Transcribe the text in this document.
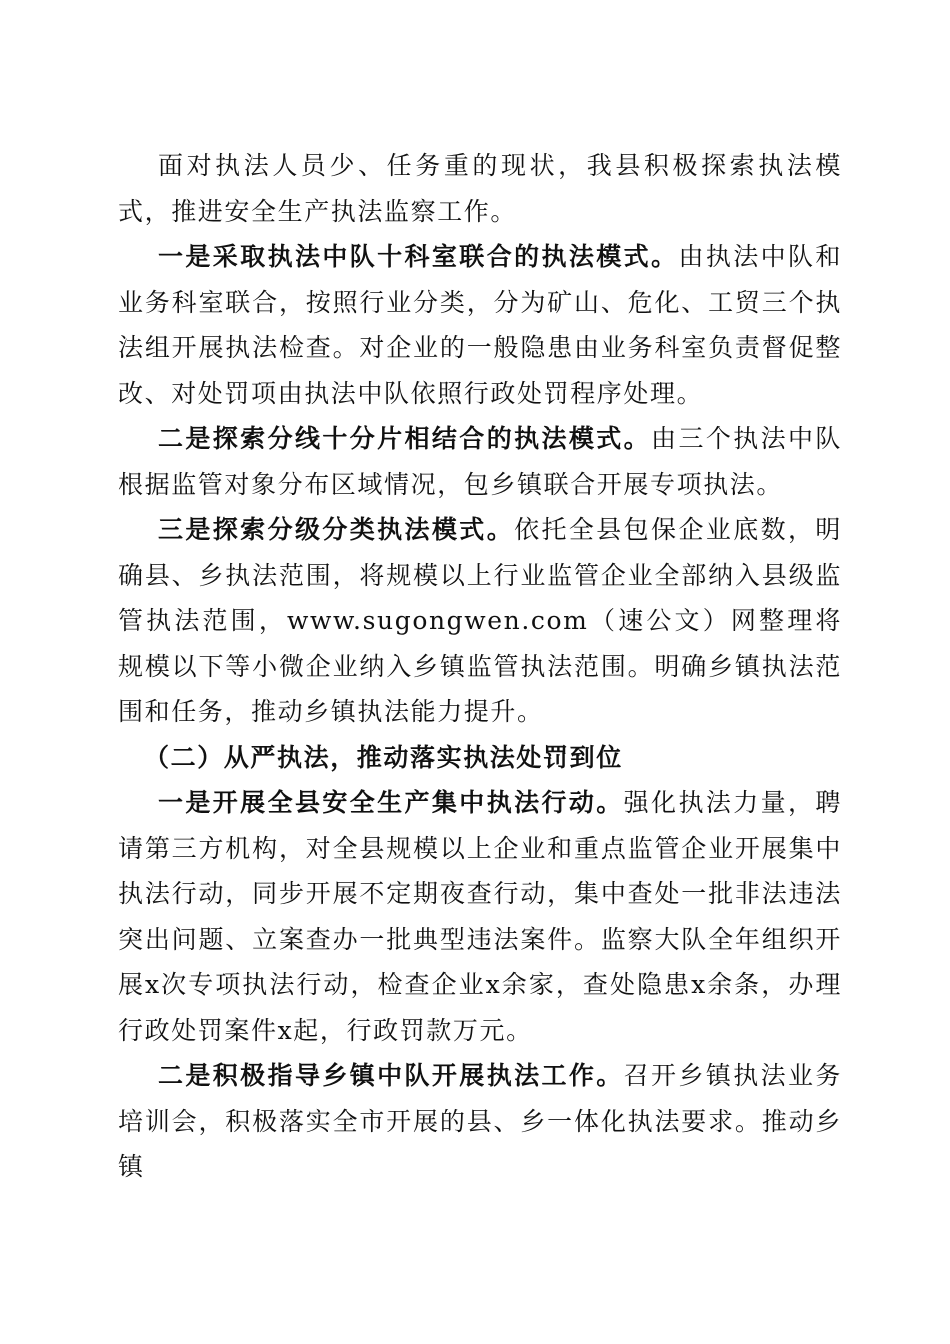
面对执法人员少、任务重的现状，我县积极探索执法模式，推进安全生产执法监察工作。

一是采取执法中队十科室联合的执法模式。由执法中队和业务科室联合，按照行业分类，分为矿山、危化、工贸三个执法组开展执法检查。对企业的一般隐患由业务科室负责督促整改、对处罚项由执法中队依照行政处罚程序处理。

二是探索分线十分片相结合的执法模式。由三个执法中队根据监管对象分布区域情况，包乡镇联合开展专项执法。

三是探索分级分类执法模式。依托全县包保企业底数，明确县、乡执法范围，将规模以上行业监管企业全部纳入县级监管执法范围，www.sugongwen.com（速公文）网整理将规模以下等小微企业纳入乡镇监管执法范围。明确乡镇执法范围和任务，推动乡镇执法能力提升。

（二）从严执法，推动落实执法处罚到位

一是开展全县安全生产集中执法行动。强化执法力量，聘请第三方机构，对全县规模以上企业和重点监管企业开展集中执法行动，同步开展不定期夜查行动，集中查处一批非法违法突出问题、立案查办一批典型违法案件。监察大队全年组织开展x次专项执法行动，检查企业x余家，查处隐患x余条，办理行政处罚案件x起，行政罚款万元。

二是积极指导乡镇中队开展执法工作。召开乡镇执法业务培训会，积极落实全市开展的县、乡一体化执法要求。推动乡镇
